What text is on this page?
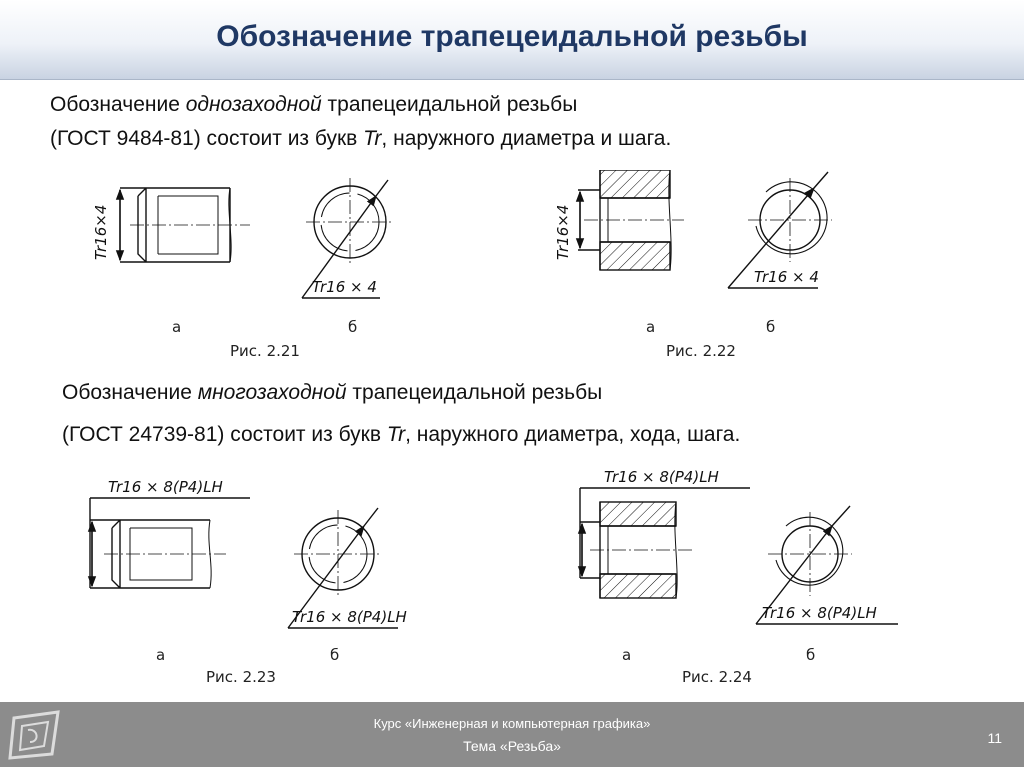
Обозначение трапецеидальной резьбы
Обозначение однозаходной трапецеидальной резьбы
(ГОСТ 9484-81) состоит из букв Tr, наружного диаметра и шага.
Обозначение многозаходной трапецеидальной резьбы
(ГОСТ 24739-81) состоит из букв Tr, наружного диаметра, хода, шага.
Tr16×4
Tr16 × 4
а	б
Рис. 2.21
Tr16×4
Tr16 × 4
а	б
Рис. 2.22
Tr16 × 8(P4)LH
Tr16 × 8(P4)LH
а	б
Рис. 2.23
Tr16 × 8(P4)LH
Tr16 × 8(P4)LH
а	б
Рис. 2.24
Курс «Инженерная и компьютерная графика»
Тема «Резьба»	11
